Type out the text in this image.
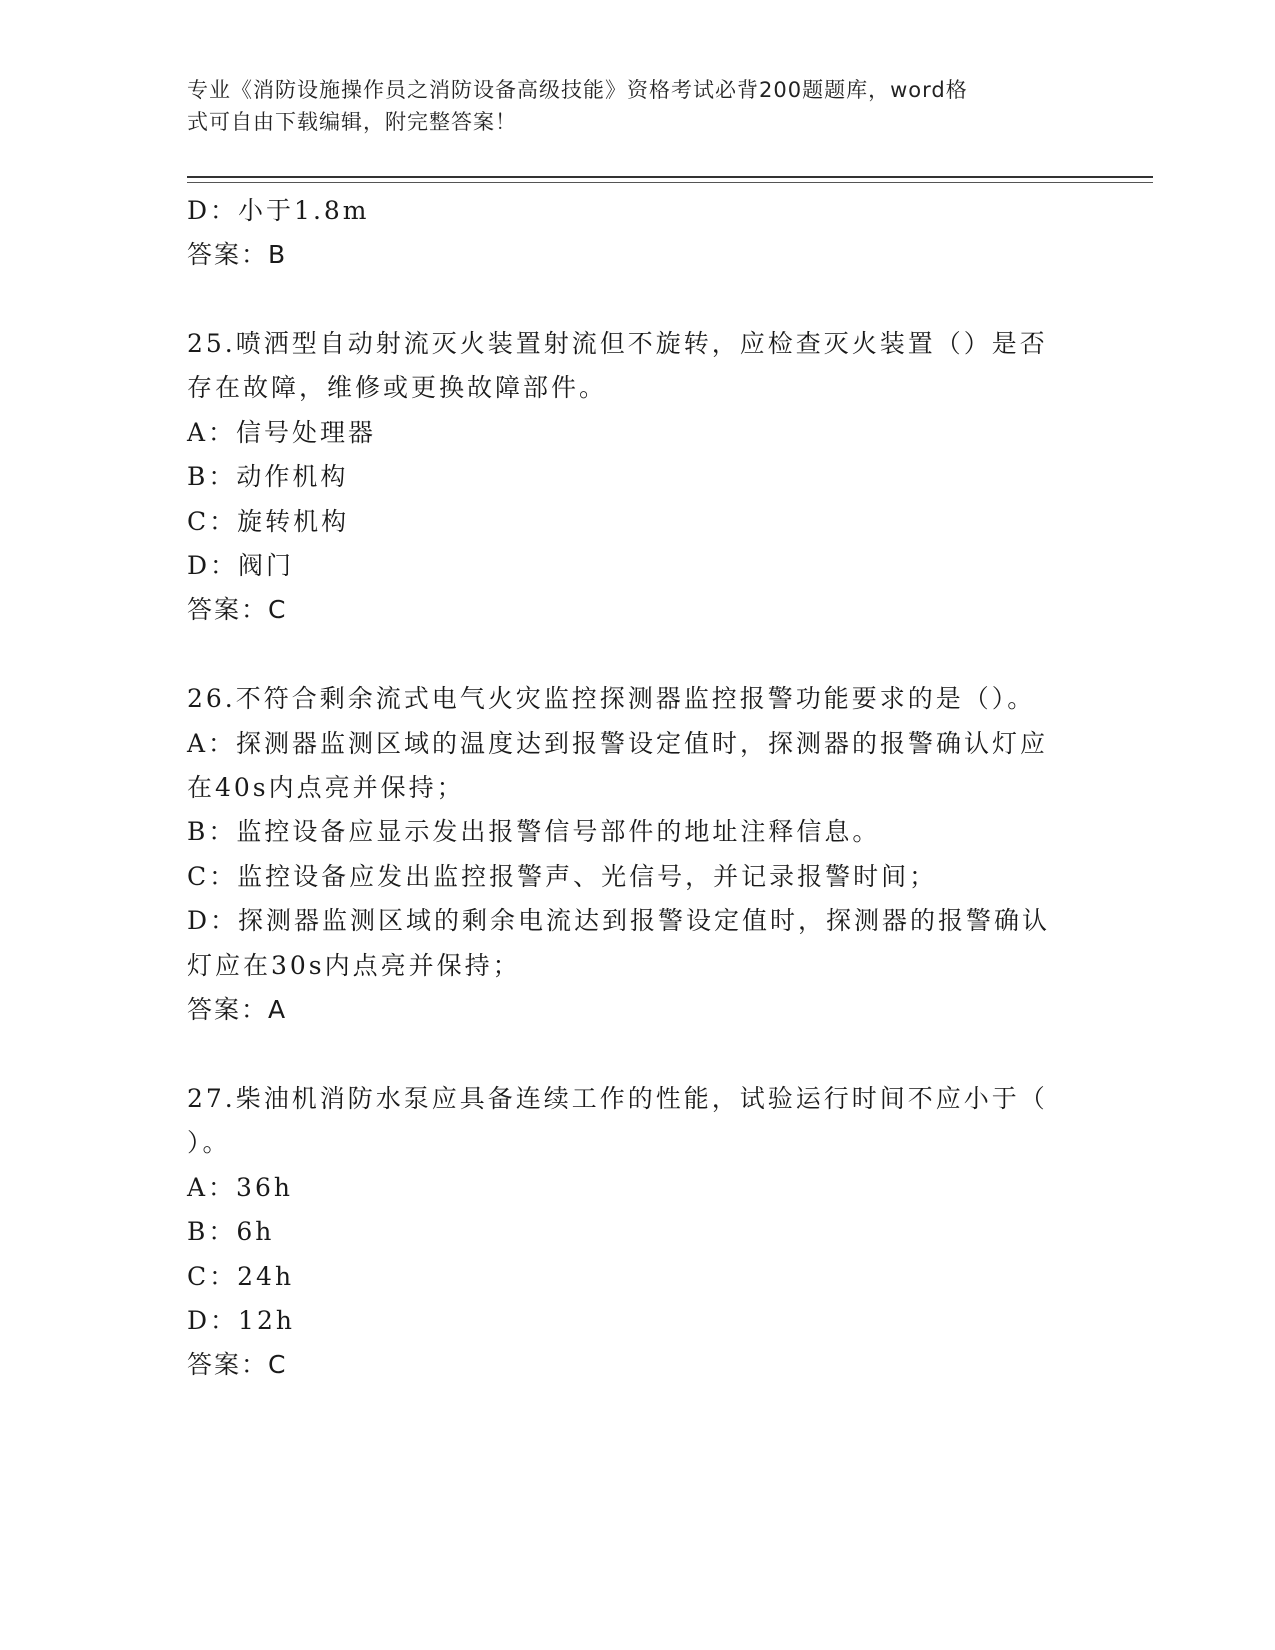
专业《消防设施操作员之消防设备高级技能》资格考试必背200题题库，word格
式可自由下载编辑，附完整答案！
D：小于1.8m
答案：B
25.喷洒型自动射流灭火装置射流但不旋转，应检查灭火装置（）是否
存在故障，维修或更换故障部件。
A：信号处理器
B：动作机构
C：旋转机构
D：阀门
答案：C
26.不符合剩余流式电气火灾监控探测器监控报警功能要求的是（）。
A：探测器监测区域的温度达到报警设定值时，探测器的报警确认灯应
在40s内点亮并保持；
B：监控设备应显示发出报警信号部件的地址注释信息。
C：监控设备应发出监控报警声、光信号，并记录报警时间；
D：探测器监测区域的剩余电流达到报警设定值时，探测器的报警确认
灯应在30s内点亮并保持；
答案：A
27.柴油机消防水泵应具备连续工作的性能，试验运行时间不应小于（
）。
A：36h
B：6h
C：24h
D：12h
答案：C
